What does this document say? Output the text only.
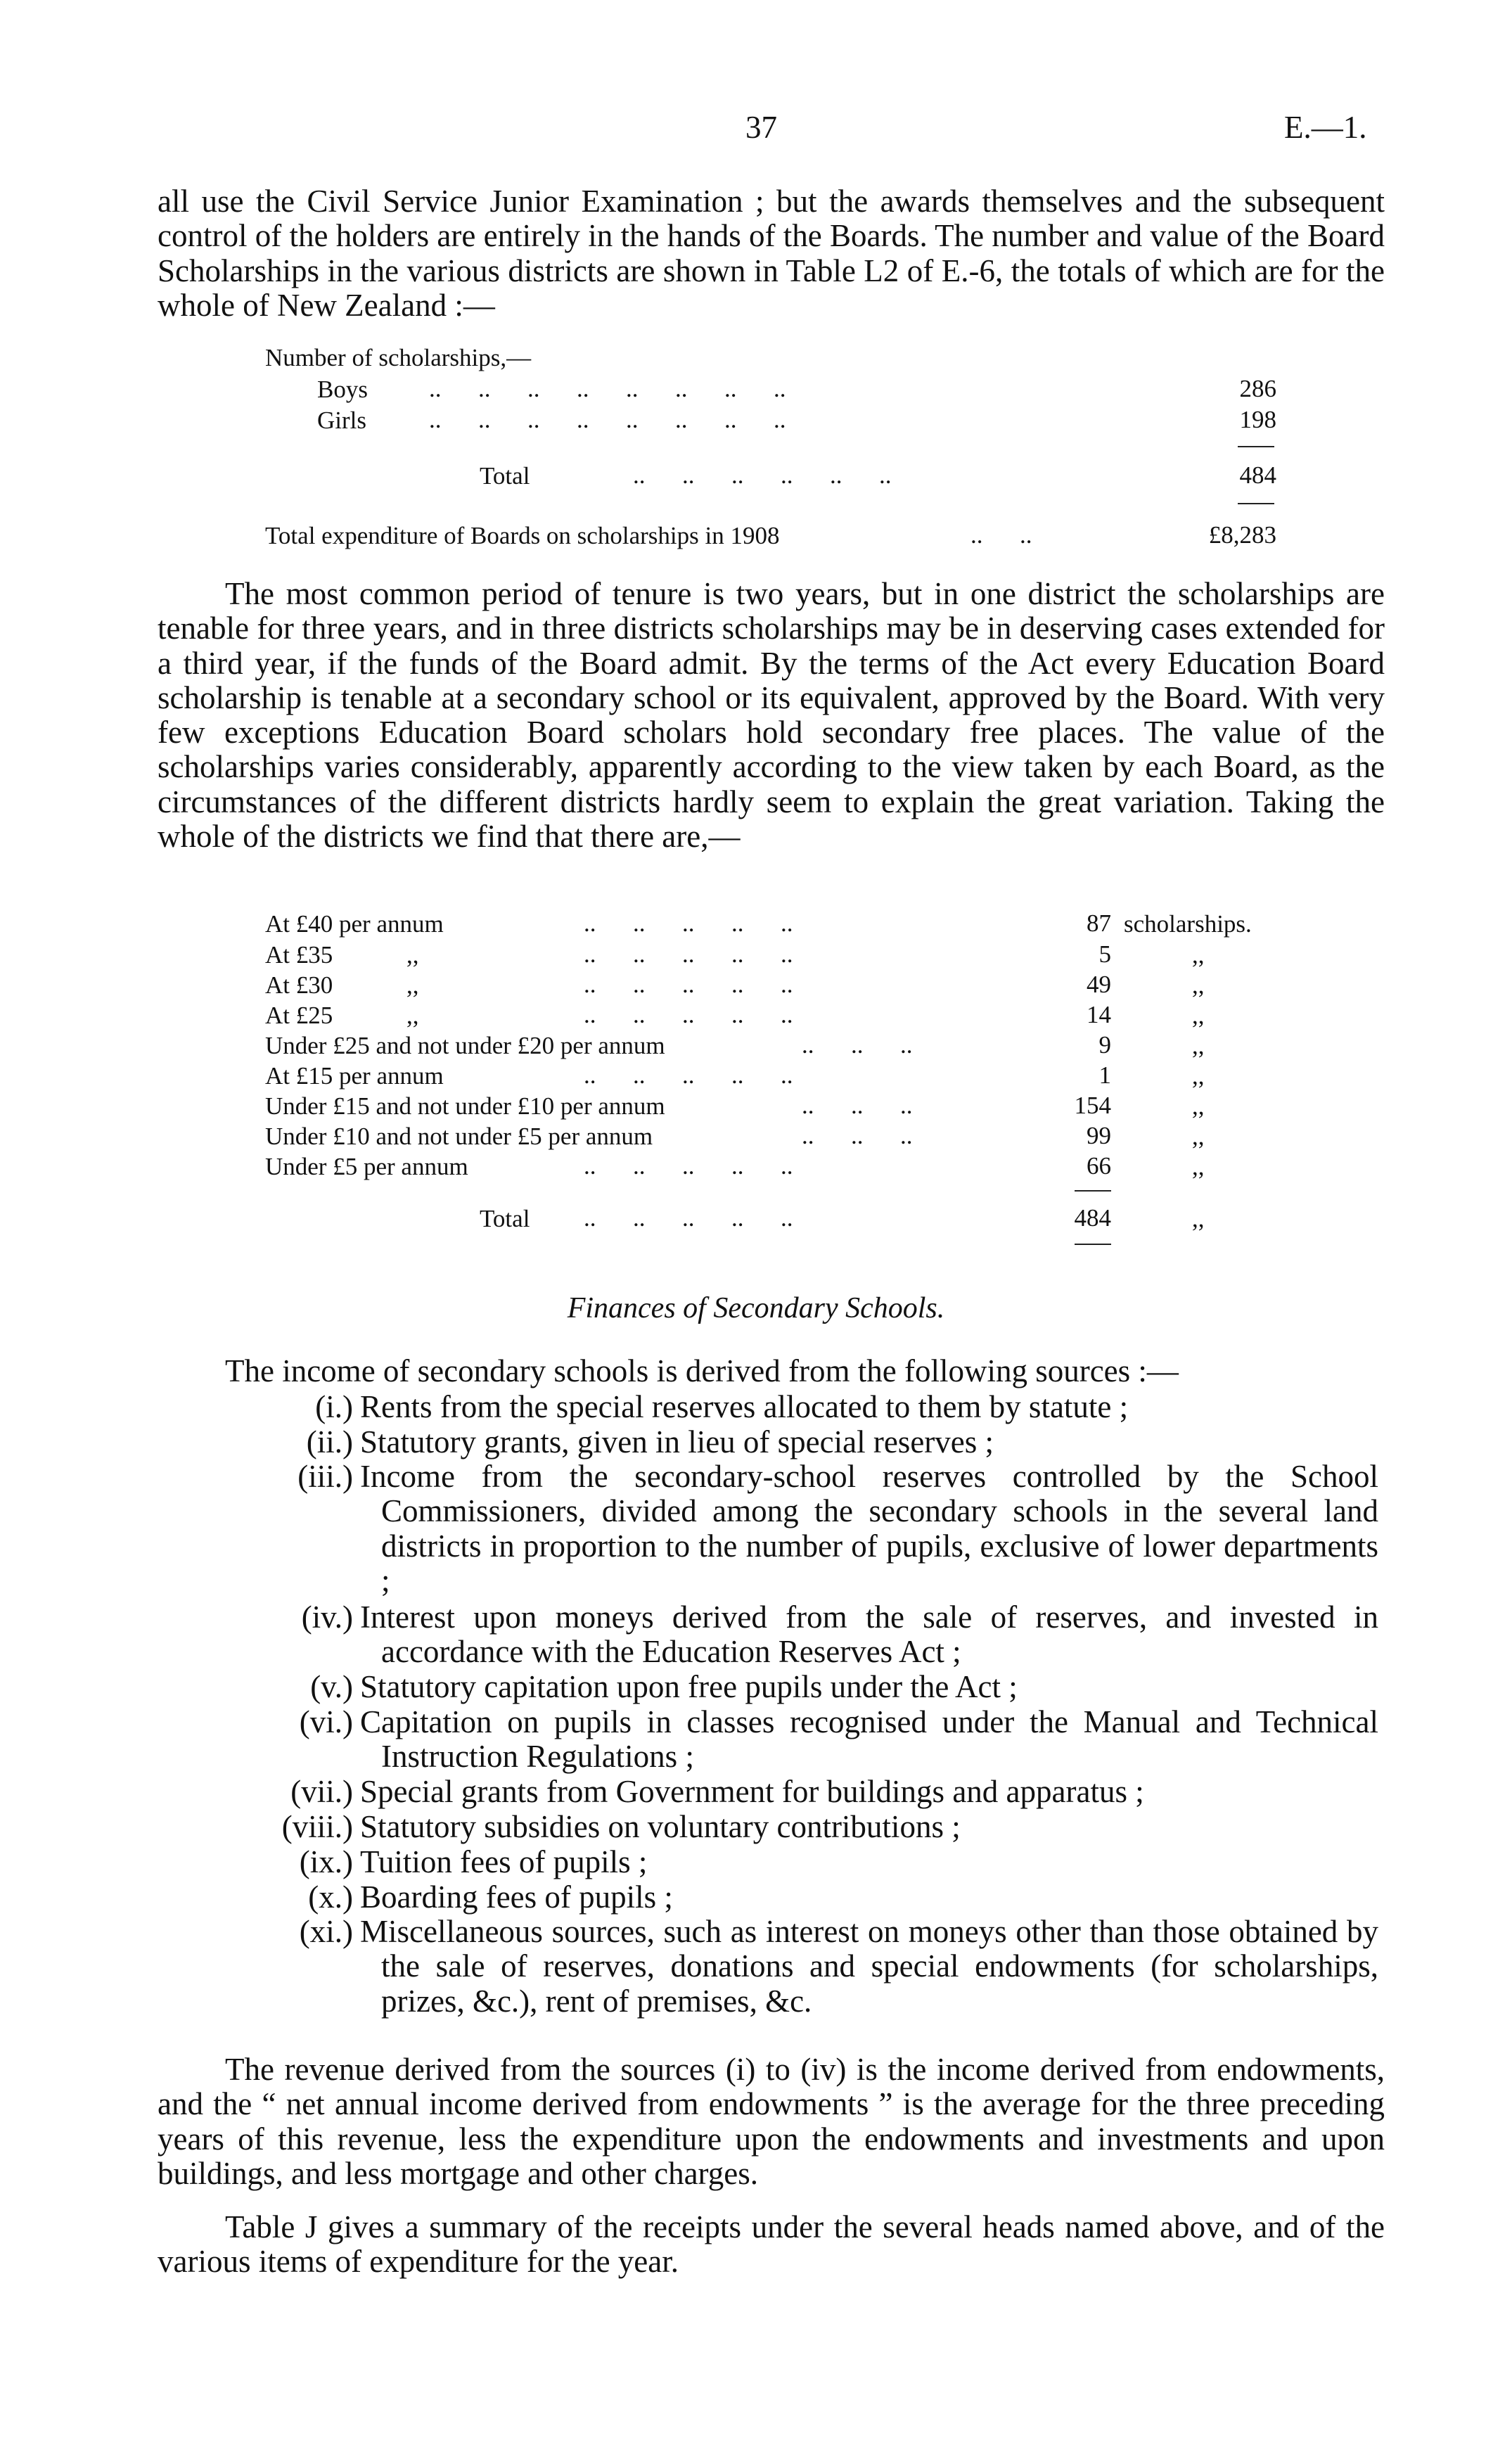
37	E.—1.

all use the Civil Service Junior Examination ; but the awards themselves and the subsequent control of the holders are entirely in the hands of the Boards. The number and value of the Board Scholarships in the various districts are shown in Table L2 of E.-6, the totals of which are for the whole of New Zealand :—

Number of scholarships,—
Boys ..      ..      ..      ..      ..      ..      ..      ..	286
Girls	..      ..      ..      ..      ..      ..      ..      ..	198
Total	..      ..      ..      ..      ..      ..	484
Total expenditure of Boards on scholarships in 1908	..      ..	£8,283

The most common period of tenure is two years, but in one district the scholarships are tenable for three years, and in three districts scholarships may be in deserving cases extended for a third year, if the funds of the Board admit. By the terms of the Act every Education Board scholarship is tenable at a secondary school or its equivalent, approved by the Board. With very few exceptions Education Board scholars hold secondary free places. The value of the scholarships varies considerably, apparently according to the view taken by each Board, as the circumstances of the different districts hardly seem to explain the great variation. Taking the whole of the districts we find that there are,—

At £40 per annum	..      ..      ..      ..      ..	87 scholarships.
At £35	,,	..      ..      ..      ..      ..	5	,,
At £30	,,	..      ..      ..      ..      ..	49	,,
At £25	,,	..      ..      ..      ..      ..	14	,,
Under £25 and not under £20 per annum	..      ..      ..	9	,,
At £15 per annum	..      ..      ..      ..      ..	1	,,
Under £15 and not under £10 per annum	..      ..      ..	154	,,
Under £10 and not under £5 per annum	..      ..      ..	99	,,
Under £5 per annum	..      ..      ..      ..      ..	66	,,
Total ..      ..      ..      ..      ..	484	,,
Finances of Secondary Schools.
The income of secondary schools is derived from the following sources :—
(i.) Rents from the special reserves allocated to them by statute ;
(ii.) Statutory grants, given in lieu of special reserves ;
(iii.) Income from the secondary-school reserves controlled by the School Commissioners, divided among the secondary schools in the several land districts in proportion to the number of pupils, exclusive of lower departments ;
(iv.) Interest upon moneys derived from the sale of reserves, and invested in accordance with the Education Reserves Act ;
(v.) Statutory capitation upon free pupils under the Act ;
(vi.) Capitation on pupils in classes recognised under the Manual and Technical Instruction Regulations ;
(vii.) Special grants from Government for buildings and apparatus ;
(viii.) Statutory subsidies on voluntary contributions ;
(ix.) Tuition fees of pupils ;
(x.) Boarding fees of pupils ;
(xi.) Miscellaneous sources, such as interest on moneys other than those obtained by the sale of reserves, donations and special endowments (for scholarships, prizes, &c.), rent of premises, &c.

The revenue derived from the sources (i) to (iv) is the income derived from endowments, and the “ net annual income derived from endowments ” is the average for the three preceding years of this revenue, less the expenditure upon the endowments and investments and upon buildings, and less mortgage and other charges.

Table J gives a summary of the receipts under the several heads named above, and of the various items of expenditure for the year.
